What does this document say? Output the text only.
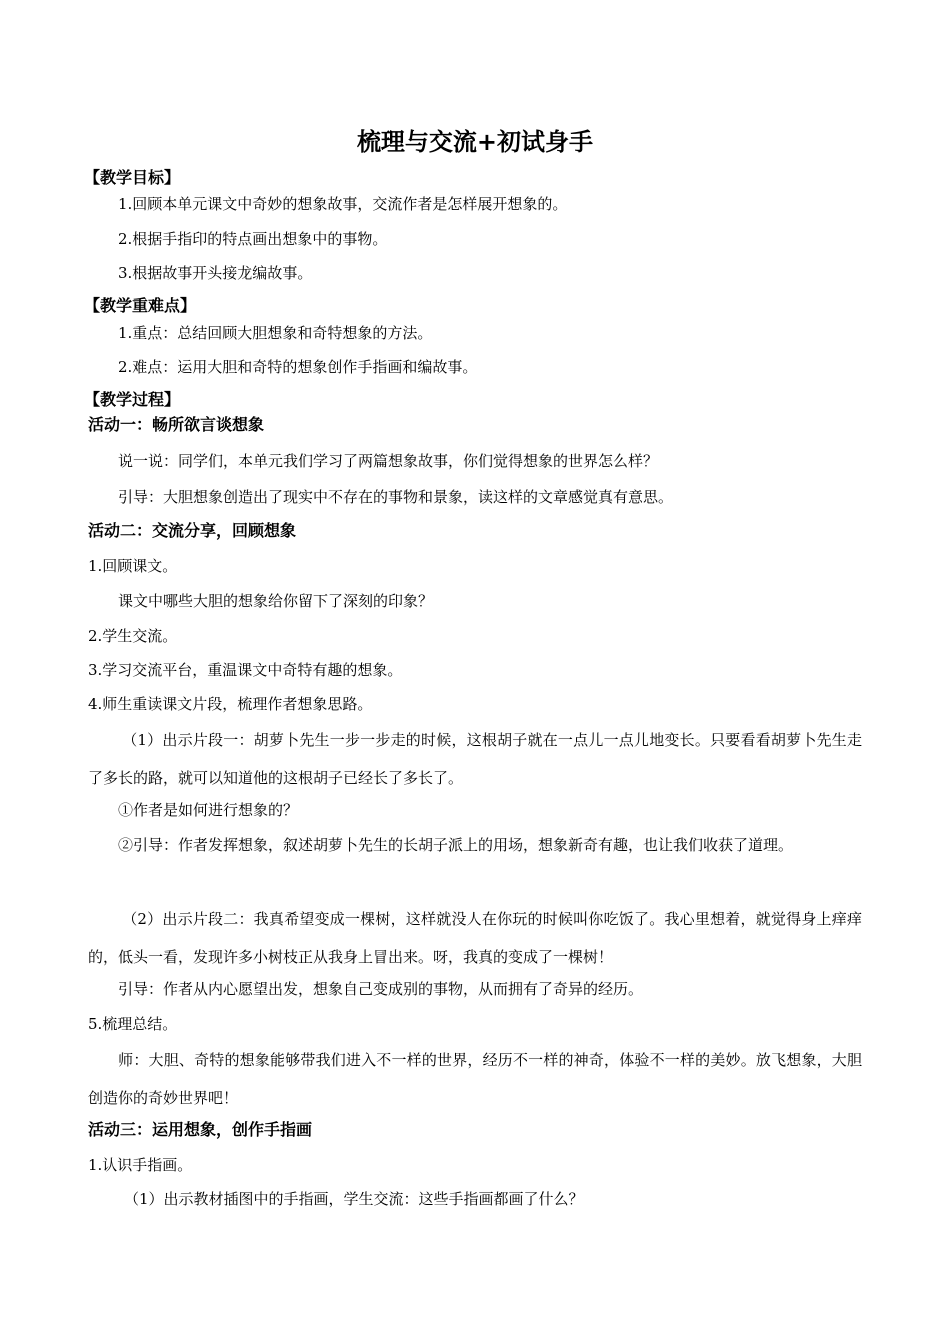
梳理与交流+初试身手
【教学目标】
1.回顾本单元课文中奇妙的想象故事，交流作者是怎样展开想象的。
2.根据手指印的特点画出想象中的事物。
3.根据故事开头接龙编故事。
【教学重难点】
1.重点：总结回顾大胆想象和奇特想象的方法。
2.难点：运用大胆和奇特的想象创作手指画和编故事。
【教学过程】
活动一：畅所欲言谈想象
说一说：同学们，本单元我们学习了两篇想象故事，你们觉得想象的世界怎么样？
引导：大胆想象创造出了现实中不存在的事物和景象，读这样的文章感觉真有意思。
活动二：交流分享，回顾想象
1.回顾课文。
课文中哪些大胆的想象给你留下了深刻的印象？
2.学生交流。
3.学习交流平台，重温课文中奇特有趣的想象。
4.师生重读课文片段，梳理作者想象思路。
（1）出示片段一：胡萝卜先生一步一步走的时候，这根胡子就在一点儿一点儿地变长。只要看看胡萝卜先生走了多长的路，就可以知道他的这根胡子已经长了多长了。
①作者是如何进行想象的？
②引导：作者发挥想象，叙述胡萝卜先生的长胡子派上的用场，想象新奇有趣，也让我们收获了道理。
（2）出示片段二：我真希望变成一棵树，这样就没人在你玩的时候叫你吃饭了。我心里想着，就觉得身上痒痒的，低头一看，发现许多小树枝正从我身上冒出来。呀，我真的变成了一棵树！
引导：作者从内心愿望出发，想象自己变成别的事物，从而拥有了奇异的经历。
5.梳理总结。
师：大胆、奇特的想象能够带我们进入不一样的世界，经历不一样的神奇，体验不一样的美妙。放飞想象，大胆创造你的奇妙世界吧！
活动三：运用想象，创作手指画
1.认识手指画。
（1）出示教材插图中的手指画，学生交流：这些手指画都画了什么？
